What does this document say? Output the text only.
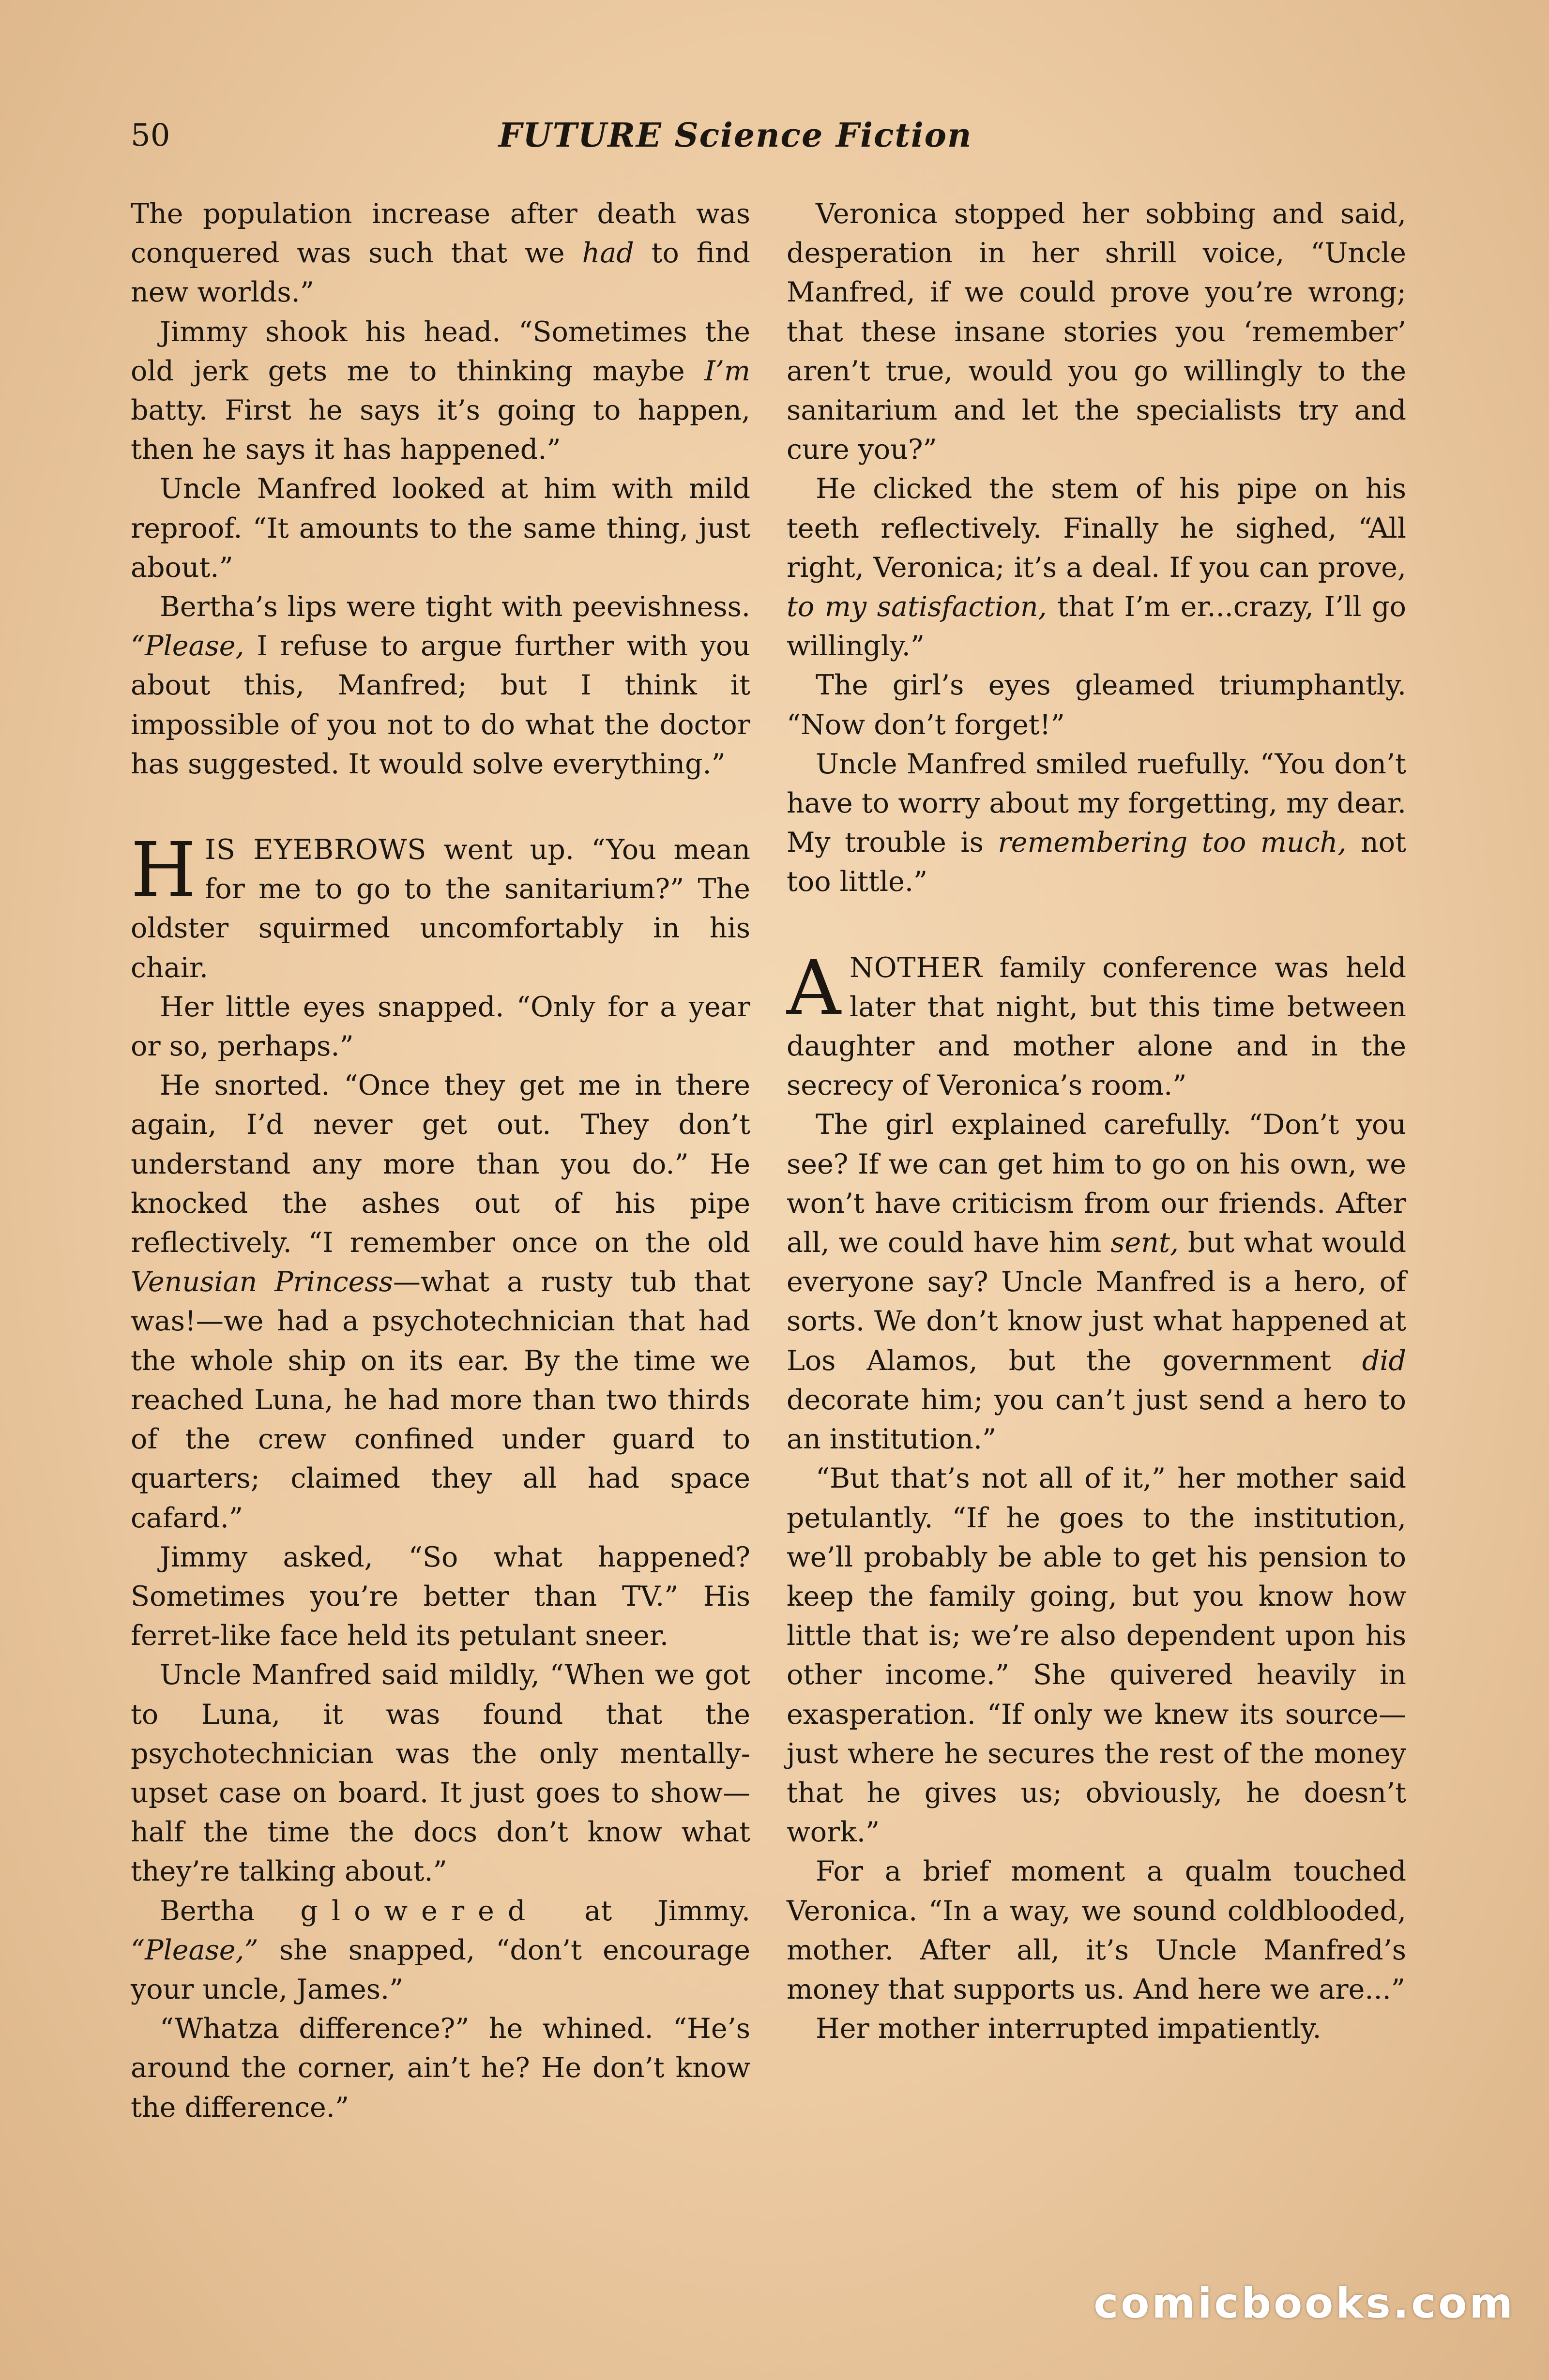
50	FUTURE Science Fiction

The population increase after death was conquered was such that we had to find new worlds.”

Jimmy shook his head. “Sometimes the old jerk gets me to thinking maybe I’m batty. First he says it’s going to happen, then he says it has happened.”

Uncle Manfred looked at him with mild reproof. “It amounts to the same thing, just about.”

Bertha’s lips were tight with peevishness. “Please, I refuse to argue further with you about this, Manfred; but I think it impossible of you not to do what the doctor has suggested. It would solve everything.”

HIS EYEBROWS went up. “You mean for me to go to the sanitarium?” The oldster squirmed uncomfortably in his chair.

Her little eyes snapped. “Only for a year or so, perhaps.”

He snorted. “Once they get me in there again, I’d never get out. They don’t understand any more than you do.” He knocked the ashes out of his pipe reflectively. “I remember once on the old Venusian Princess—what a rusty tub that was!—we had a psychotechnician that had the whole ship on its ear. By the time we reached Luna, he had more than two thirds of the crew confined under guard to quarters; claimed they all had space cafard.”

Jimmy asked, “So what happened? Sometimes you’re better than TV.” His ferret-like face held its petulant sneer.

Uncle Manfred said mildly, “When we got to Luna, it was found that the psychotechnician was the only mentally-upset case on board. It just goes to show—half the time the docs don’t know what they’re talking about.”

Bertha glowered at Jimmy. “Please,” she snapped, “don’t encourage your uncle, James.”

“Whatza difference?” he whined. “He’s around the corner, ain’t he? He don’t know the difference.”

Veronica stopped her sobbing and said, desperation in her shrill voice, “Uncle Manfred, if we could prove you’re wrong; that these insane stories you ‘remember’ aren’t true, would you go willingly to the sanitarium and let the specialists try and cure you?”

He clicked the stem of his pipe on his teeth reflectively. Finally he sighed, “All right, Veronica; it’s a deal. If you can prove, to my satisfaction, that I’m er...crazy, I’ll go willingly.”

The girl’s eyes gleamed triumphantly. “Now don’t forget!”

Uncle Manfred smiled ruefully. “You don’t have to worry about my forgetting, my dear. My trouble is remembering too much, not too little.”

ANOTHER family conference was held later that night, but this time between daughter and mother alone and in the secrecy of Veronica’s room.”

The girl explained carefully. “Don’t you see? If we can get him to go on his own, we won’t have criticism from our friends. After all, we could have him sent, but what would everyone say? Uncle Manfred is a hero, of sorts. We don’t know just what happened at Los Alamos, but the government did decorate him; you can’t just send a hero to an institution.”

“But that’s not all of it,” her mother said petulantly. “If he goes to the institution, we’ll probably be able to get his pension to keep the family going, but you know how little that is; we’re also dependent upon his other income.” She quivered heavily in exasperation. “If only we knew its source—just where he secures the rest of the money that he gives us; obviously, he doesn’t work.”

For a brief moment a qualm touched Veronica. “In a way, we sound coldblooded, mother. After all, it’s Uncle Manfred’s money that supports us. And here we are...”

Her mother interrupted impatiently.

comicbooks.com
